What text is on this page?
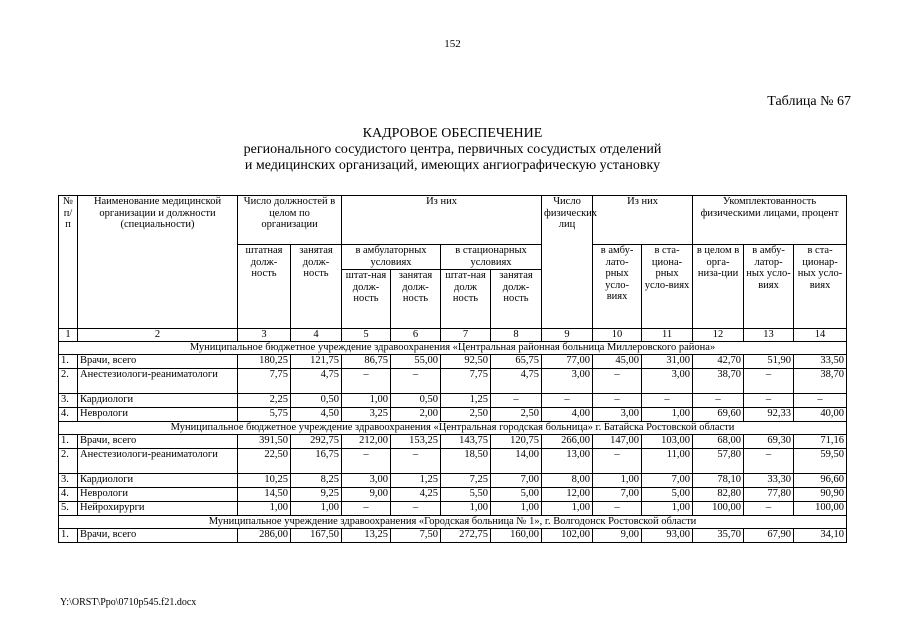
152
Таблица № 67
КАДРОВОЕ ОБЕСПЕЧЕНИЕ
регионального сосудистого центра, первичных сосудистых отделений
и медицинских организаций, имеющих ангиографическую установку
№ п/п	Наименование медицинской организации и должности (специальности)	Число должностей в целом по организации		Из них				Число физических лиц	Из них		Укомплектованность физическими лицами, процент		
		штатная долж-ность	занятая долж-ность	в амбулаторных условиях		в стационарных условиях			в амбу-лато-рных усло-виях	в ста-циона-рных усло-виях	в целом в орга-низа-ции	в амбу-латор-ных усло-виях	в ста-ционар-ных усло-виях
				штат-ная долж-ность	занятая долж-ность	штат-ная долж ность	занятая долж-ность						
1	2	3	4	5	6	7	8	9	10	11	12	13	14
Муниципальное бюджетное учреждение здравоохранения «Центральная районная больница Миллеровского района»													
1.	Врачи, всего	180,25	121,75	86,75	55,00	92,50	65,75	77,00	45,00	31,00	42,70	51,90	33,50
2.	Анестезиологи-реаниматологи	7,75	4,75	–	–	7,75	4,75	3,00	–	3,00	38,70	–	38,70
3.	Кардиологи	2,25	0,50	1,00	0,50	1,25	–	–	–	–	–	–	–
4.	Неврологи	5,75	4,50	3,25	2,00	2,50	2,50	4,00	3,00	1,00	69,60	92,33	40,00
Муниципальное бюджетное учреждение здравоохранения «Центральная городская больница» г. Батайска Ростовской области													
1.	Врачи, всего	391,50	292,75	212,00	153,25	143,75	120,75	266,00	147,00	103,00	68,00	69,30	71,16
2.	Анестезиологи-реаниматологи	22,50	16,75	–	–	18,50	14,00	13,00	–	11,00	57,80	–	59,50
3.	Кардиологи	10,25	8,25	3,00	1,25	7,25	7,00	8,00	1,00	7,00	78,10	33,30	96,60
4.	Неврологи	14,50	9,25	9,00	4,25	5,50	5,00	12,00	7,00	5,00	82,80	77,80	90,90
5.	Нейрохирурги	1,00	1,00	–	–	1,00	1,00	1,00	–	1,00	100,00	–	100,00
Муниципальное учреждение здравоохранения «Городская больница № 1», г. Волгодонск Ростовской области													
1.	Врачи, всего	286,00	167,50	13,25	7,50	272,75	160,00	102,00	9,00	93,00	35,70	67,90	34,10
Y:\ORST\Ppo\0710p545.f21.docx
